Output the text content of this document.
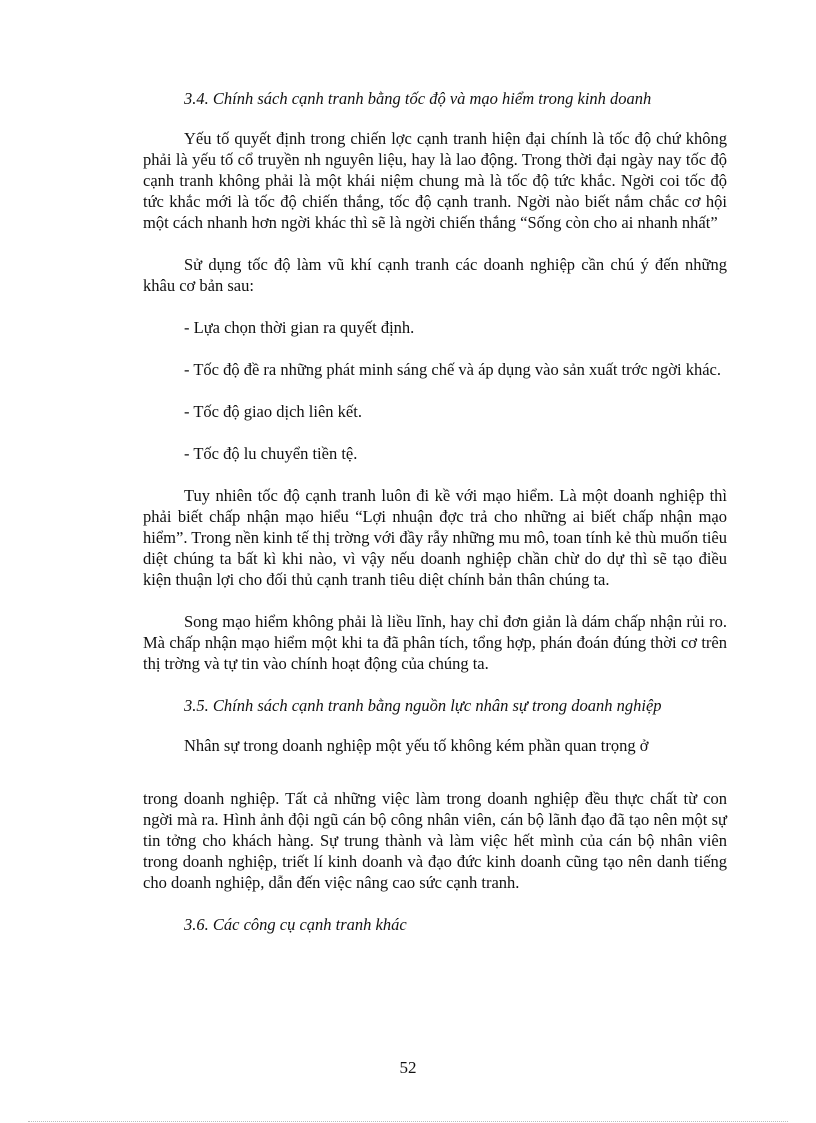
3.4. Chính sách cạnh tranh bằng tốc độ và mạo hiểm trong kinh doanh

Yếu tố quyết định trong chiến lợc cạnh tranh hiện đại chính là tốc độ chứ không phải là yếu tố cổ truyền nh nguyên liệu, hay là lao động. Trong thời đại ngày nay tốc độ cạnh tranh không phải là một khái niệm chung mà là tốc độ tức khắc. Ngời coi tốc độ tức khắc mới là tốc độ chiến thắng, tốc độ cạnh tranh. Ngời nào biết nắm chắc cơ hội một cách nhanh hơn ngời khác thì sẽ là ngời chiến thắng “Sống còn cho ai nhanh nhất”

Sử dụng tốc độ làm vũ khí cạnh tranh các doanh nghiệp cần chú ý đến những khâu cơ bản sau:

- Lựa chọn thời gian ra quyết định.

- Tốc độ đề ra những phát minh sáng chế và áp dụng vào sản xuất trớc ngời khác.

- Tốc độ giao dịch liên kết.

- Tốc độ lu chuyển tiền tệ.

Tuy nhiên tốc độ cạnh tranh luôn đi kề với mạo hiểm. Là một doanh nghiệp thì phải biết chấp nhận mạo hiểu “Lợi nhuận đợc trả cho những ai biết chấp nhận mạo hiểm”. Trong nền kinh tế thị trờng với đầy rẫy những mu mô, toan tính kẻ thù muốn tiêu diệt chúng ta bất kì khi nào, vì vậy nếu doanh nghiệp chần chừ do dự thì sẽ tạo điều kiện thuận lợi cho đối thủ cạnh tranh tiêu diệt chính bản thân chúng ta.

Song mạo hiểm không phải là liều lĩnh, hay chỉ đơn giản là dám chấp nhận rủi ro. Mà chấp nhận mạo hiểm một khi ta đã phân tích, tổng hợp, phán đoán đúng thời cơ trên thị trờng và tự tin vào chính hoạt động của chúng ta.

3.5. Chính sách cạnh tranh bằng nguồn lực nhân sự trong doanh nghiệp

Nhân sự trong doanh nghiệp một yếu tố không kém phần quan trọng ở

trong doanh nghiệp. Tất cả những việc làm trong doanh nghiệp đều thực chất từ con ngời mà ra. Hình ảnh đội ngũ cán bộ công nhân viên, cán bộ lãnh đạo đã tạo nên một sự tin tởng cho khách hàng. Sự trung thành và làm việc hết mình của cán bộ nhân viên trong doanh nghiệp, triết lí kinh doanh và đạo đức kinh doanh cũng tạo nên danh tiếng cho doanh nghiệp, dẫn đến việc nâng cao sức cạnh tranh.

3.6. Các công cụ cạnh tranh khác

52
